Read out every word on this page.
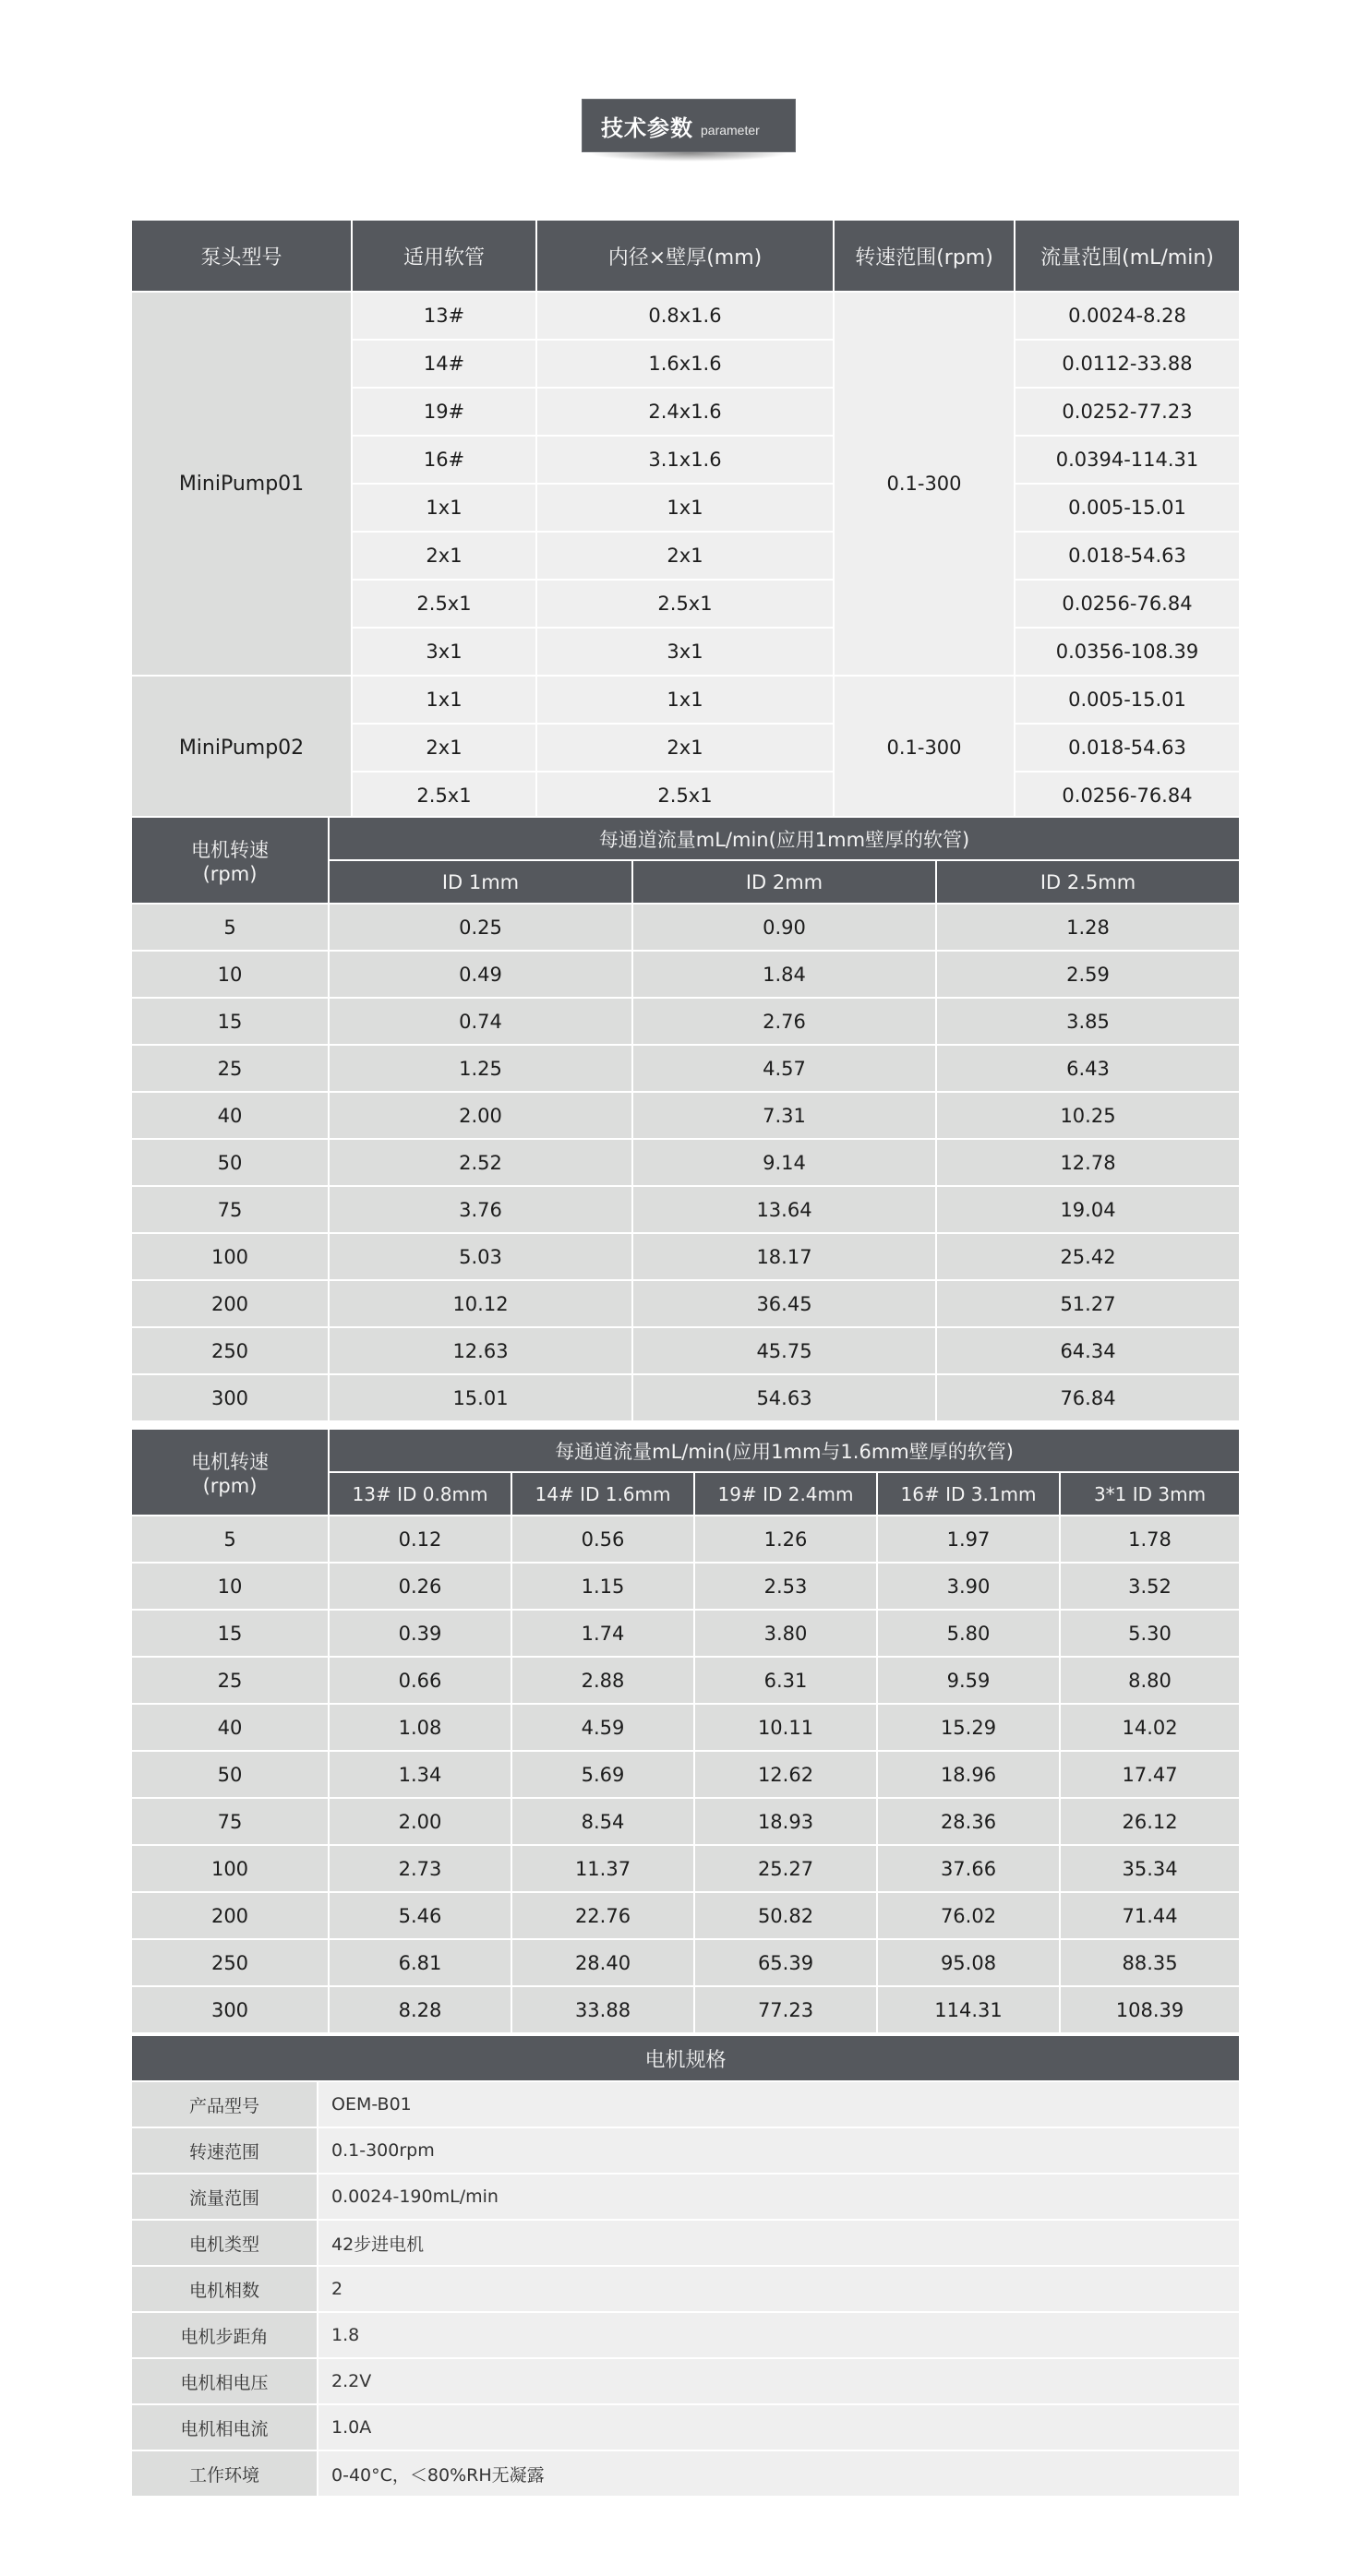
技术参数 parameter
泵头型号	适用软管	内径×壁厚(mm)	转速范围(rpm)	流量范围(mL/min)
MiniPump01	13#	0.8x1.6	0.1-300	0.0024-8.28
	14#	1.6x1.6		0.0112-33.88
	19#	2.4x1.6		0.0252-77.23
	16#	3.1x1.6		0.0394-114.31
	1x1	1x1		0.005-15.01
	2x1	2x1		0.018-54.63
	2.5x1	2.5x1		0.0256-76.84
	3x1	3x1		0.0356-108.39
MiniPump02	1x1	1x1	0.1-300	0.005-15.01
	2x1	2x1		0.018-54.63
	2.5x1	2.5x1		0.0256-76.84
电机转速
(rpm)	每通道流量mL/min(应用1mm壁厚的软管)		
	ID 1mm	ID 2mm	ID 2.5mm
5	0.25	0.90	1.28
10	0.49	1.84	2.59
15	0.74	2.76	3.85
25	1.25	4.57	6.43
40	2.00	7.31	10.25
50	2.52	9.14	12.78
75	3.76	13.64	19.04
100	5.03	18.17	25.42
200	10.12	36.45	51.27
250	12.63	45.75	64.34
300	15.01	54.63	76.84
电机转速
(rpm)	每通道流量mL/min(应用1mm与1.6mm壁厚的软管)				
	13# ID 0.8mm	14# ID 1.6mm	19# ID 2.4mm	16# ID 3.1mm	3*1 ID 3mm
5	0.12	0.56	1.26	1.97	1.78
10	0.26	1.15	2.53	3.90	3.52
15	0.39	1.74	3.80	5.80	5.30
25	0.66	2.88	6.31	9.59	8.80
40	1.08	4.59	10.11	15.29	14.02
50	1.34	5.69	12.62	18.96	17.47
75	2.00	8.54	18.93	28.36	26.12
100	2.73	11.37	25.27	37.66	35.34
200	5.46	22.76	50.82	76.02	71.44
250	6.81	28.40	65.39	95.08	88.35
300	8.28	33.88	77.23	114.31	108.39
电机规格	
产品型号	OEM-B01
转速范围	0.1-300rpm
流量范围	0.0024-190mL/min
电机类型	42步进电机
电机相数	2
电机步距角	1.8
电机相电压	2.2V
电机相电流	1.0A
工作环境	0-40°C，＜80%RH无凝露
